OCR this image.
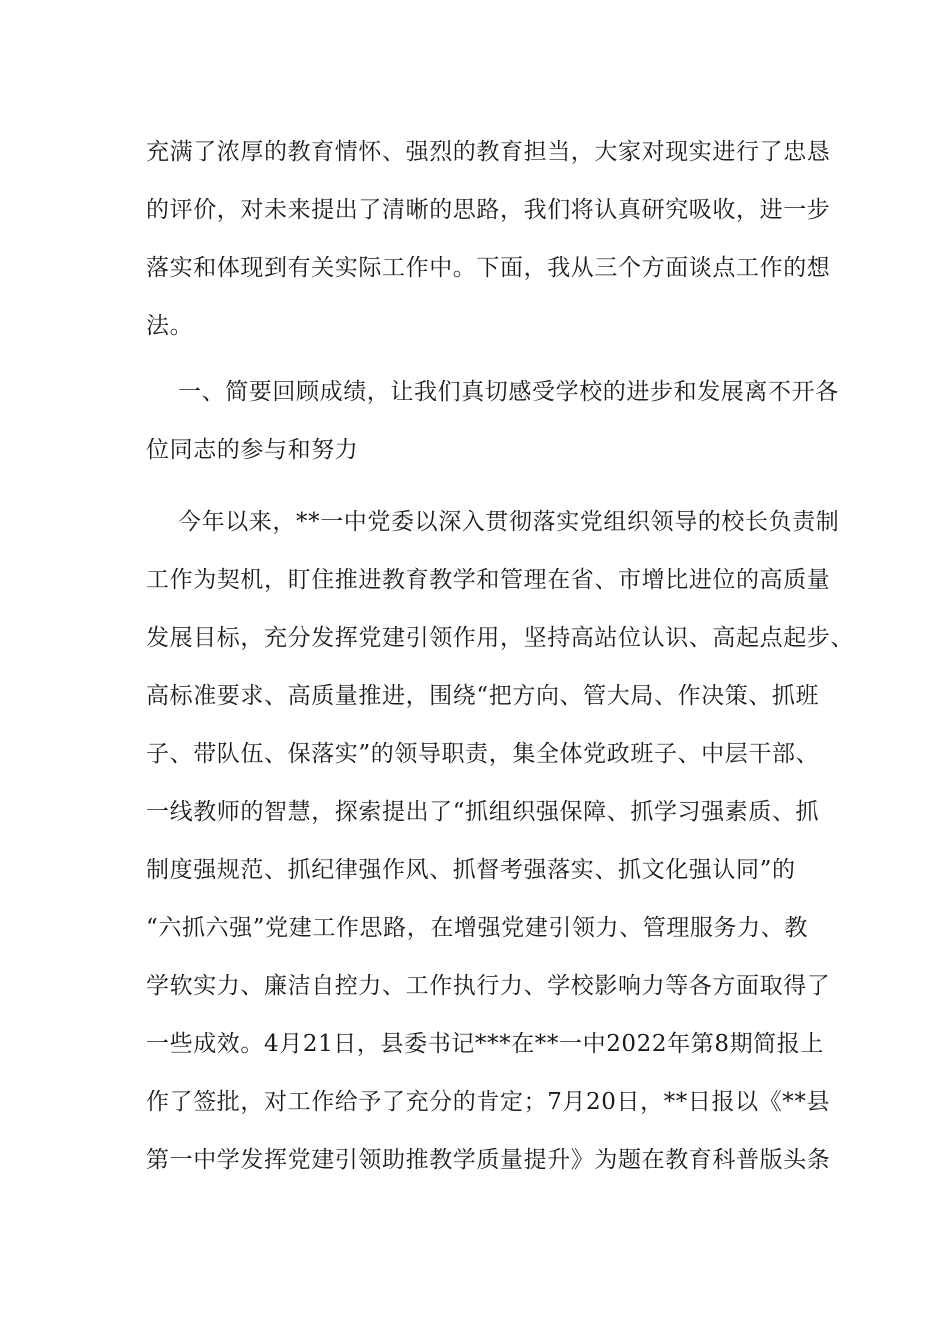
充满了浓厚的教育情怀、强烈的教育担当，大家对现实进行了忠恳

的评价，对未来提出了清晰的思路，我们将认真研究吸收，进一步

落实和体现到有关实际工作中。下面，我从三个方面谈点工作的想

法。

一、简要回顾成绩，让我们真切感受学校的进步和发展离不开各

位同志的参与和努力

今年以来，**一中党委以深入贯彻落实党组织领导的校长负责制

工作为契机，盯住推进教育教学和管理在省、市增比进位的高质量

发展目标，充分发挥党建引领作用，坚持高站位认识、高起点起步、

高标准要求、高质量推进，围绕“把方向、管大局、作决策、抓班

子、带队伍、保落实”的领导职责，集全体党政班子、中层干部、

一线教师的智慧，探索提出了“抓组织强保障、抓学习强素质、抓

制度强规范、抓纪律强作风、抓督考强落实、抓文化强认同”的

“六抓六强”党建工作思路，在增强党建引领力、管理服务力、教

学软实力、廉洁自控力、工作执行力、学校影响力等各方面取得了

一些成效。4月21日，县委书记***在**一中2022年第8期简报上

作了签批，对工作给予了充分的肯定；7月20日，**日报以《**县

第一中学发挥党建引领助推教学质量提升》为题在教育科普版头条
